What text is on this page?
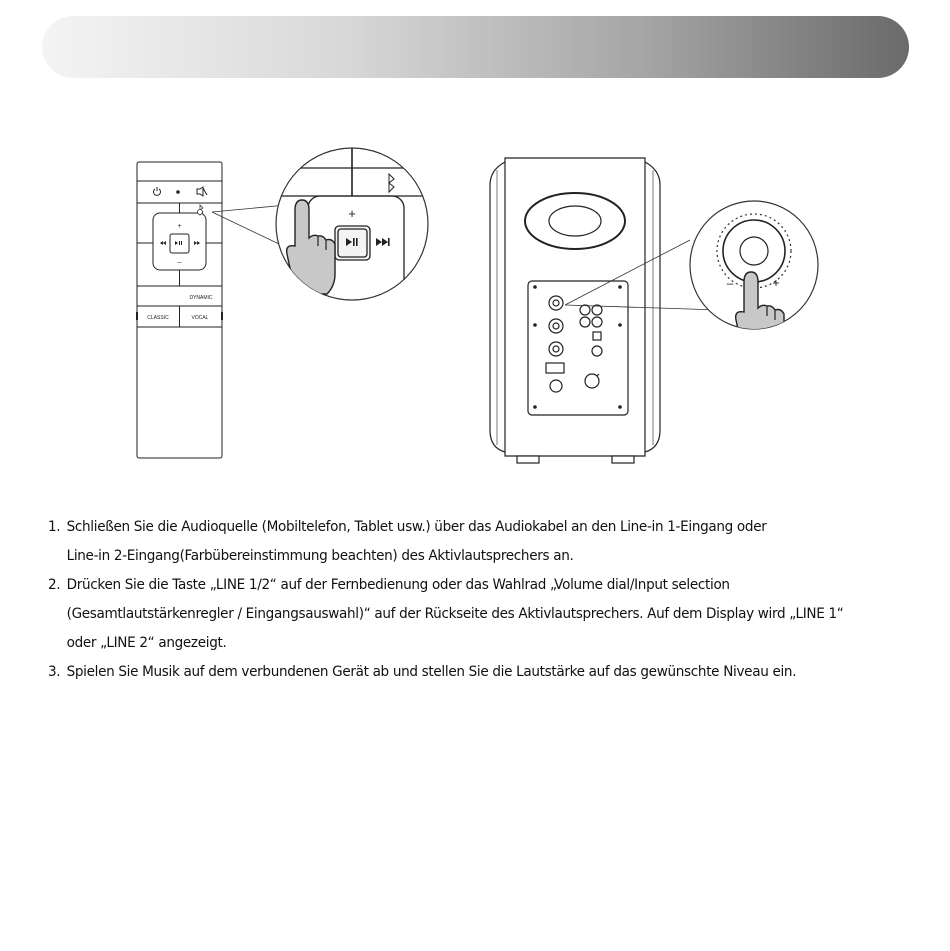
+
–
DYNAMIC
CLASSIC	VOCAL
+
–	+
1. Schließen Sie die Audioquelle (Mobiltelefon, Tablet usw.) über das Audiokabel an den Line-in 1-Eingang oder
Line-in 2-Eingang(Farbübereinstimmung beachten) des Aktivlautsprechers an.
2. Drücken Sie die Taste „LINE 1/2“ auf der Fernbedienung oder das Wahlrad „Volume dial/Input selection
(Gesamtlautstärkenregler / Eingangsauswahl)“ auf der Rückseite des Aktivlautsprechers. Auf dem Display wird „LINE 1“
oder „LINE 2“ angezeigt.
3. Spielen Sie Musik auf dem verbundenen Gerät ab und stellen Sie die Lautstärke auf das gewünschte Niveau ein.
